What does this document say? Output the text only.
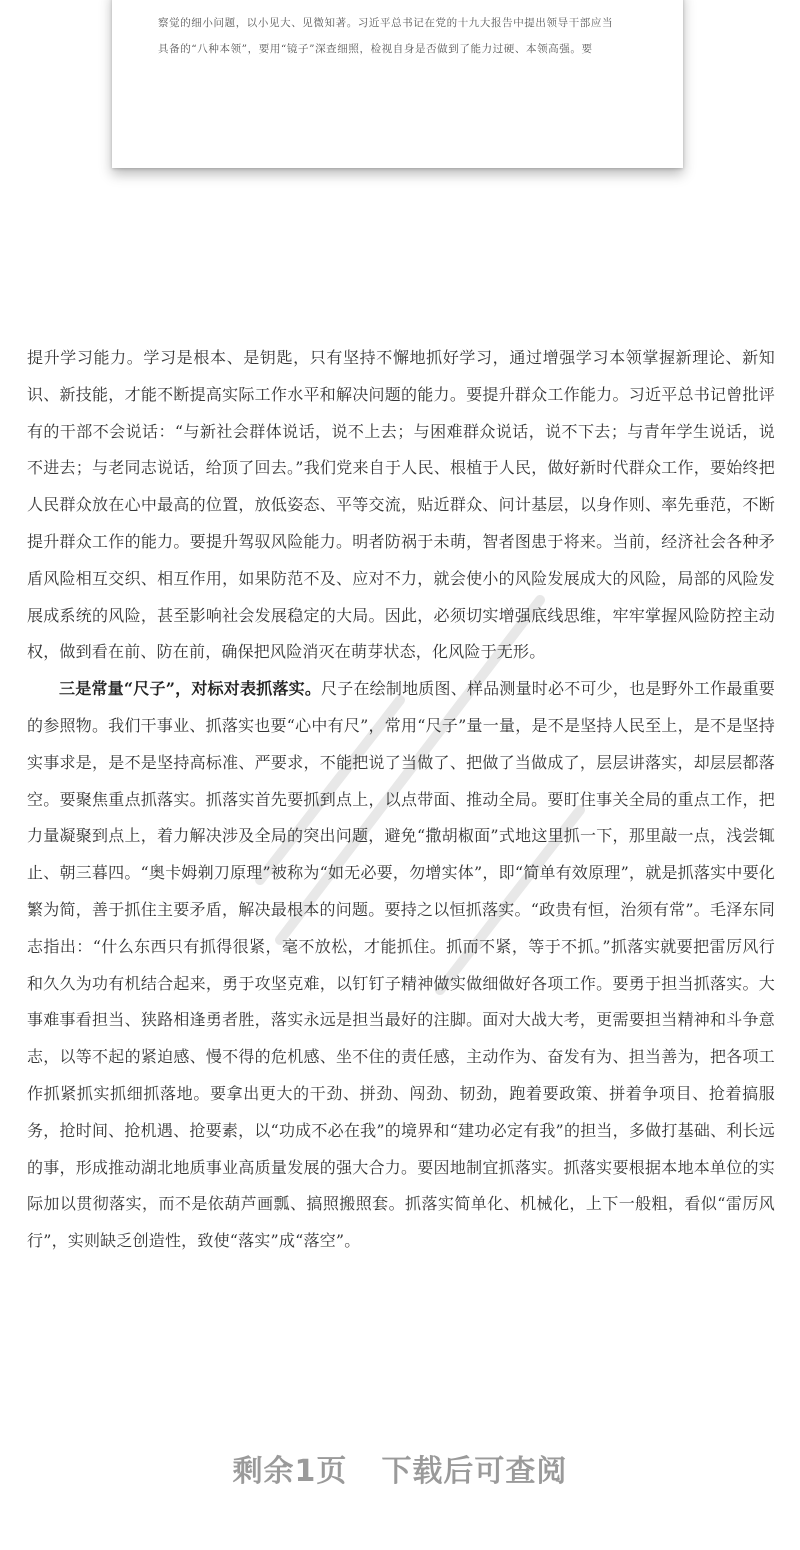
察觉的细小问题，以小见大、见微知著。习近平总书记在党的十九大报告中提出领导干部应当
具备的“八种本领”，要用“镜子”深查细照，检视自身是否做到了能力过硬、本领高强。要

提升学习能力。学习是根本、是钥匙，只有坚持不懈地抓好学习，通过增强学习本领掌握新理论、新知识、新技能，才能不断提高实际工作水平和解决问题的能力。要提升群众工作能力。习近平总书记曾批评有的干部不会说话：“与新社会群体说话，说不上去；与困难群众说话，说不下去；与青年学生说话，说不进去；与老同志说话，给顶了回去。”我们党来自于人民、根植于人民，做好新时代群众工作，要始终把人民群众放在心中最高的位置，放低姿态、平等交流，贴近群众、问计基层，以身作则、率先垂范，不断提升群众工作的能力。要提升驾驭风险能力。明者防祸于未萌，智者图患于将来。当前，经济社会各种矛盾风险相互交织、相互作用，如果防范不及、应对不力，就会使小的风险发展成大的风险，局部的风险发展成系统的风险，甚至影响社会发展稳定的大局。因此，必须切实增强底线思维，牢牢掌握风险防控主动权，做到看在前、防在前，确保把风险消灭在萌芽状态，化风险于无形。

三是常量“尺子”，对标对表抓落实。尺子在绘制地质图、样品测量时必不可少，也是野外工作最重要的参照物。我们干事业、抓落实也要“心中有尺”，常用“尺子”量一量，是不是坚持人民至上，是不是坚持实事求是，是不是坚持高标准、严要求，不能把说了当做了、把做了当做成了，层层讲落实，却层层都落空。要聚焦重点抓落实。抓落实首先要抓到点上，以点带面、推动全局。要盯住事关全局的重点工作，把力量凝聚到点上，着力解决涉及全局的突出问题，避免“撒胡椒面”式地这里抓一下，那里敲一点，浅尝辄止、朝三暮四。“奥卡姆剃刀原理”被称为“如无必要，勿增实体”，即“简单有效原理”，就是抓落实中要化繁为简，善于抓住主要矛盾，解决最根本的问题。要持之以恒抓落实。“政贵有恒，治须有常”。毛泽东同志指出：“什么东西只有抓得很紧，毫不放松，才能抓住。抓而不紧，等于不抓。”抓落实就要把雷厉风行和久久为功有机结合起来，勇于攻坚克难，以钉钉子精神做实做细做好各项工作。要勇于担当抓落实。大事难事看担当、狭路相逢勇者胜，落实永远是担当最好的注脚。面对大战大考，更需要担当精神和斗争意志，以等不起的紧迫感、慢不得的危机感、坐不住的责任感，主动作为、奋发有为、担当善为，把各项工作抓紧抓实抓细抓落地。要拿出更大的干劲、拼劲、闯劲、韧劲，跑着要政策、拼着争项目、抢着搞服务，抢时间、抢机遇、抢要素，以“功成不必在我”的境界和“建功必定有我”的担当，多做打基础、利长远的事，形成推动湖北地质事业高质量发展的强大合力。要因地制宜抓落实。抓落实要根据本地本单位的实际加以贯彻落实，而不是依葫芦画瓢、搞照搬照套。抓落实简单化、机械化，上下一般粗，看似“雷厉风行”，实则缺乏创造性，致使“落实”成“落空”。

剩余1页 下载后可查阅
